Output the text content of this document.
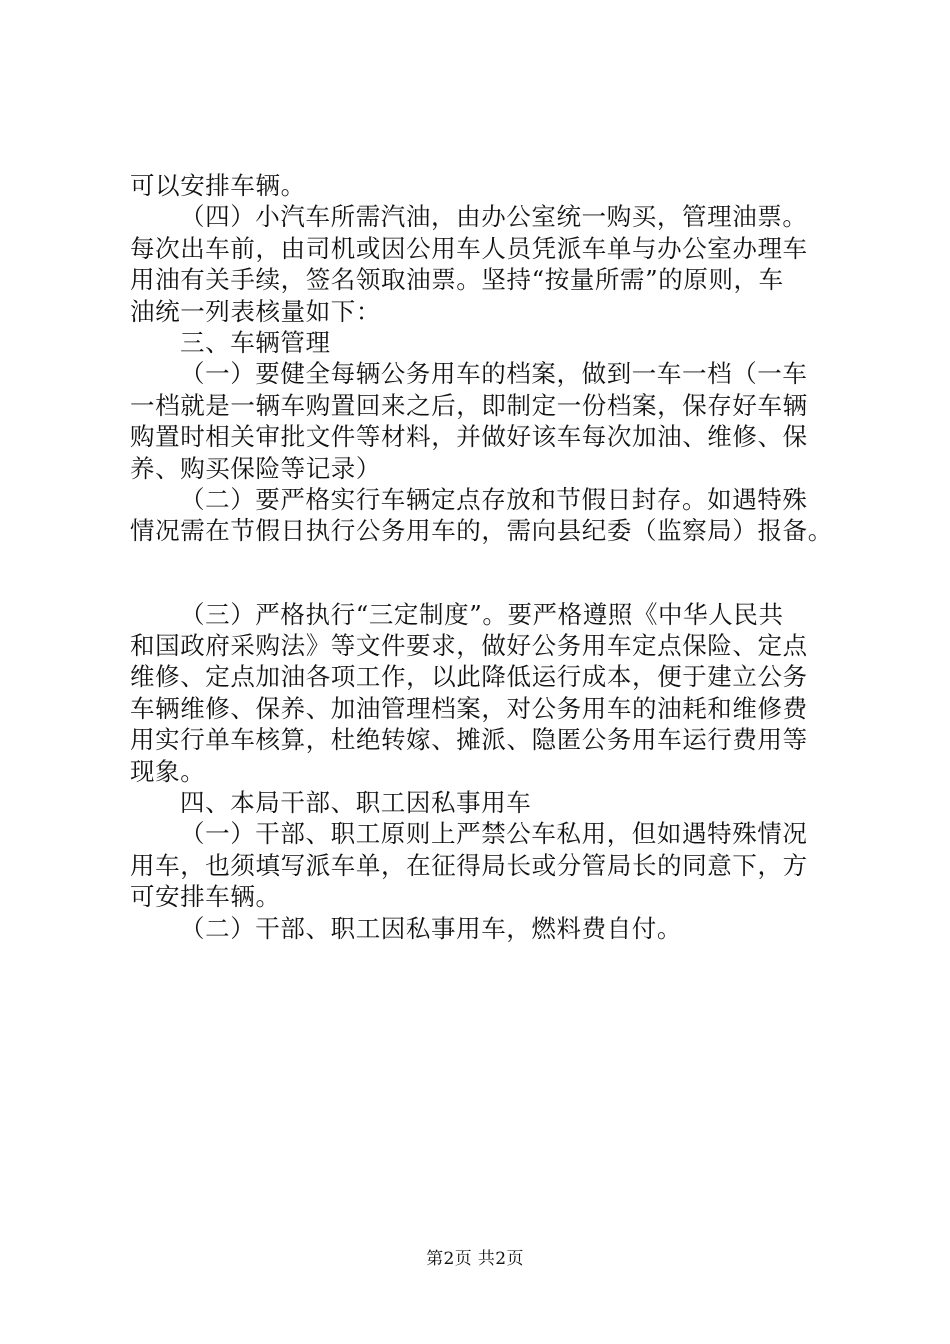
可以安排车辆。
（四）小汽车所需汽油，由办公室统一购买，管理油票。
每次出车前，由司机或因公用车人员凭派车单与办公室办理车
用油有关手续，签名领取油票。坚持“按量所需”的原则，车
油统一列表核量如下：
三、车辆管理
（一）要健全每辆公务用车的档案，做到一车一档（一车
一档就是一辆车购置回来之后，即制定一份档案，保存好车辆
购置时相关审批文件等材料，并做好该车每次加油、维修、保
养、购买保险等记录）
（二）要严格实行车辆定点存放和节假日封存。如遇特殊
情况需在节假日执行公务用车的，需向县纪委（监察局）报备。
（三）严格执行“三定制度”。要严格遵照《中华人民共
和国政府采购法》等文件要求，做好公务用车定点保险、定点
维修、定点加油各项工作，以此降低运行成本，便于建立公务
车辆维修、保养、加油管理档案，对公务用车的油耗和维修费
用实行单车核算，杜绝转嫁、摊派、隐匿公务用车运行费用等
现象。
四、本局干部、职工因私事用车
（一）干部、职工原则上严禁公车私用，但如遇特殊情况
用车，也须填写派车单，在征得局长或分管局长的同意下，方
可安排车辆。
（二）干部、职工因私事用车，燃料费自付。
第2页 共2页
